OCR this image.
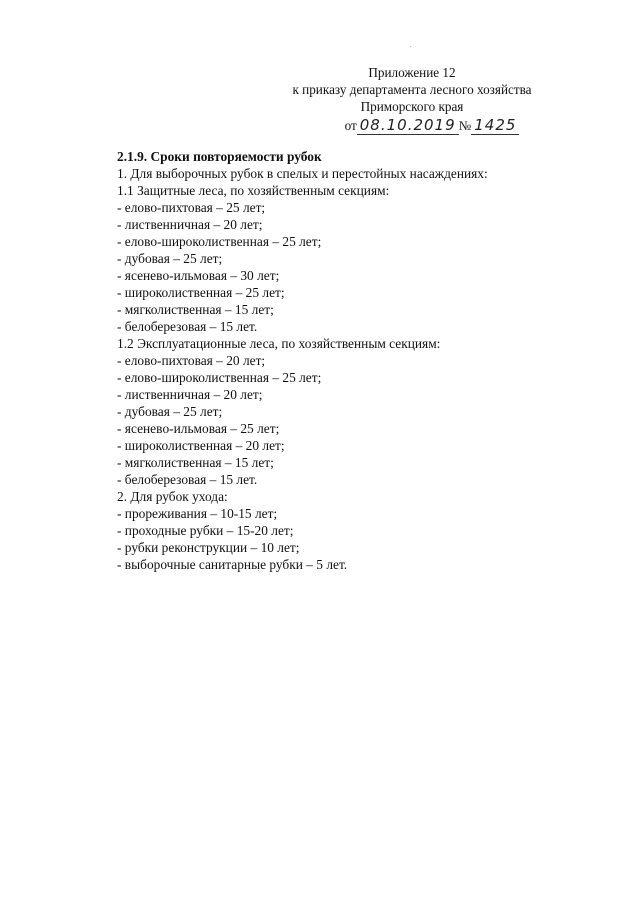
Приложение 12
к приказу департамента лесного хозяйства
Приморского края
от 08.10.2019 № 1425
2.1.9. Сроки повторяемости рубок
1. Для выборочных рубок в спелых и перестойных насаждениях:
1.1 Защитные леса, по хозяйственным секциям:
- елово-пихтовая – 25 лет;
- лиственничная – 20 лет;
- елово-широколиственная – 25 лет;
- дубовая – 25 лет;
- ясеневo-ильмовая – 30 лет;
- широколиственная – 25 лет;
- мягколиственная – 15 лет;
- белоберезовая – 15 лет.
1.2 Эксплуатационные леса, по хозяйственным секциям:
- елово-пихтовая – 20 лет;
- елово-широколиственная – 25 лет;
- лиственничная – 20 лет;
- дубовая – 25 лет;
- ясеневo-ильмовая – 25 лет;
- широколиственная – 20 лет;
- мягколиственная – 15 лет;
- белоберезовая – 15 лет.
2. Для рубок ухода:
- прореживания – 10-15 лет;
- проходные рубки – 15-20 лет;
- рубки реконструкции – 10 лет;
- выборочные санитарные рубки – 5 лет.
